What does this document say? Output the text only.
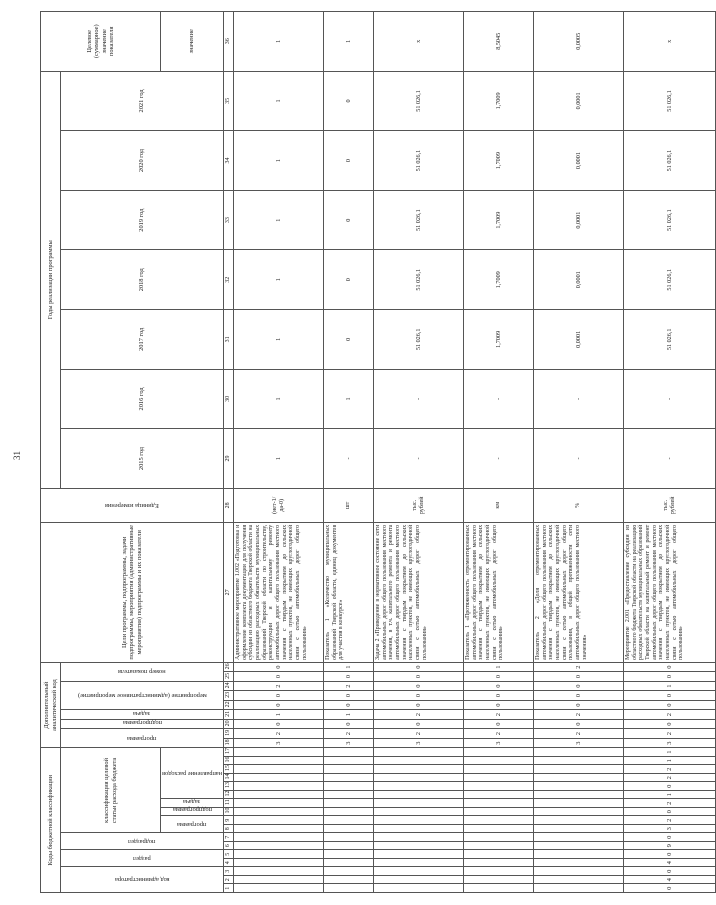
31
Коды бюджетной классификации																	Дополнительный аналитический код									Цели программы, подпрограммы, задачи подпрограммы, мероприятия (административные мероприятия) подпрограммы и их показатели	Единица измерения	Годы реализации программы							Целевое (суммарное) значение показателя	

код администратора			раздел		подраздел		классификация целевой статьи расхода бюджета										программа		подпрограмма	задача	мероприятие (административное мероприятие)			номер показателя				2015 год	2016 год	2017 год	2018 год	2019 год	2020 год	2021 год		

							программа		подпрограмма	задача	направление расходов																								значение	
1	2	3	4	5	6	7	8	9	10	11	12	13	14	15	16	17	18	19	20	21	22	23	24	25	26	27	28	29	30	31	32	33	34	35	36	
																	3	2	0	1	0	0	2	0	0	Административное мероприятие 1.002 «Подготовка и оформление комплекта документации для получения субсидии из областного бюджета Тверской области на реализацию расходных обязательств муниципальных образований Тверской области по строительству, реконструкции и капитальному ремонту автомобильных дорог общего пользования местного значения с твердым покрытием до сельских населенных пунктов, не имеющих круглогодичной связи с сетью автомобильных дорог общего пользования»	(нет-1/да-0)	1	1	1	1	1	1	1	1	
																	3	2	0	1	0	0	2	0	1	Показатель 1 «Количество муниципальных образований Тверской области, единиц документов для участия в конкурсе»	шт	-	1	0	0	0	0	0	1	
																	3	2	0	2	0	0	0	0	0	Задача 2 «Приведение в нормативное состояние сети автомобильных дорог общего пользования местного значения, в т.ч. капитального ремонта и ремонта автомобильных дорог общего пользования местного значения с твердым покрытием до сельских населенных пунктов, не имеющих круглогодичной связи с сетью автомобильных дорог общего пользования»	тыс. рублей	-	-	51 026,1	51 026,1	51 026,1	51 026,1	51 026,1	х	
																	3	2	0	2	0	0	0	0	1	Показатель 1 «Протяженность отремонтированных автомобильных дорог общего пользования местного значения с твердым покрытием до сельских населенных пунктов, не имеющих круглогодичной связи с сетью автомобильных дорог общего пользования»	км	-	-	1,7009	1,7009	1,7009	1,7009	1,7009	8,5045	
																	3	2	0	2	0	0	0	0	2	Показатель 2 «Доля отремонтированных автомобильных дорог общего пользования местного значения с твердым покрытием до сельских населенных пунктов, не имеющих круглогодичной связи с сетью автомобильных дорог общего пользования, в общей протяженности сети автомобильных дорог общего пользования местного значения»	%	-	-	0,0001	0,0001	0,0001	0,0001	0,0001	0,0005	
0	4	0	4	0	9	0	3	2	0	2	1	0	2	2	1	1	3	2	0	2	0	0	1	0	0	Мероприятие 2.001 «Предоставление субсидии из областного бюджета Тверской области на реализацию расходных обязательств муниципальных образований Тверской области на капитальный ремонт и ремонт автомобильных дорог общего пользования местного значения с твердым покрытием до сельских населенных пунктов, не имеющих круглогодичной связи с сетью автомобильных дорог общего пользования»	тыс. рублей	-	-	51 026,1	51 026,1	51 026,1	51 026,1	51 026,1	х	
